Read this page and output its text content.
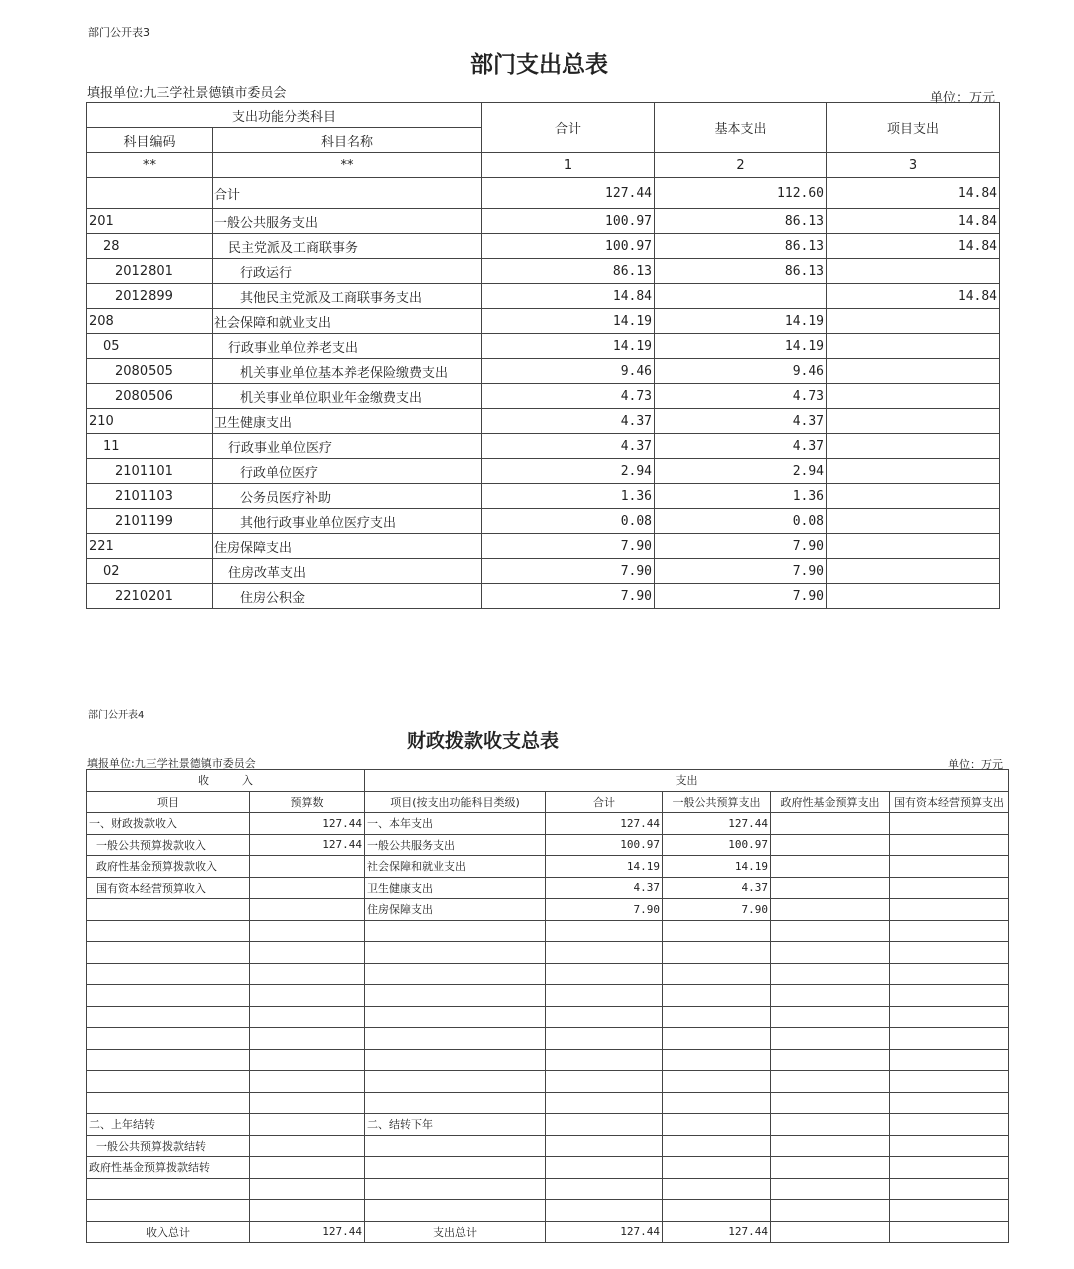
部门公开表3
部门支出总表
填报单位:九三学社景德镇市委员会	单位：万元
支出功能分类科目		合计	基本支出	项目支出
科目编码	科目名称			
**	**	1	2	3
	合计	127.44	112.60	14.84
201	一般公共服务支出	100.97	86.13	14.84
28	民主党派及工商联事务	100.97	86.13	14.84
2012801	行政运行	86.13	86.13	
2012899	其他民主党派及工商联事务支出	14.84		14.84
208	社会保障和就业支出	14.19	14.19	
05	行政事业单位养老支出	14.19	14.19	
2080505	机关事业单位基本养老保险缴费支出	9.46	9.46	
2080506	机关事业单位职业年金缴费支出	4.73	4.73	
210	卫生健康支出	4.37	4.37	
11	行政事业单位医疗	4.37	4.37	
2101101	行政单位医疗	2.94	2.94	
2101103	公务员医疗补助	1.36	1.36	
2101199	其他行政事业单位医疗支出	0.08	0.08	
221	住房保障支出	7.90	7.90	
02	住房改革支出	7.90	7.90	
2210201	住房公积金	7.90	7.90	
部门公开表4
财政拨款收支总表
填报单位:九三学社景德镇市委员会	单位：万元
收　　　入		支出				
项目	预算数	项目(按支出功能科目类级)	合计	一般公共预算支出	政府性基金预算支出	国有资本经营预算支出
一、财政拨款收入	127.44	一、本年支出	127.44	127.44		
一般公共预算拨款收入	127.44	一般公共服务支出	100.97	100.97		
政府性基金预算拨款收入		社会保障和就业支出	14.19	14.19		
国有资本经营预算收入		卫生健康支出	4.37	4.37		
		住房保障支出	7.90	7.90		

二、上年结转		二、结转下年				
一般公共预算拨款结转						
政府性基金预算拨款结转						

收入总计	127.44	支出总计	127.44	127.44		
